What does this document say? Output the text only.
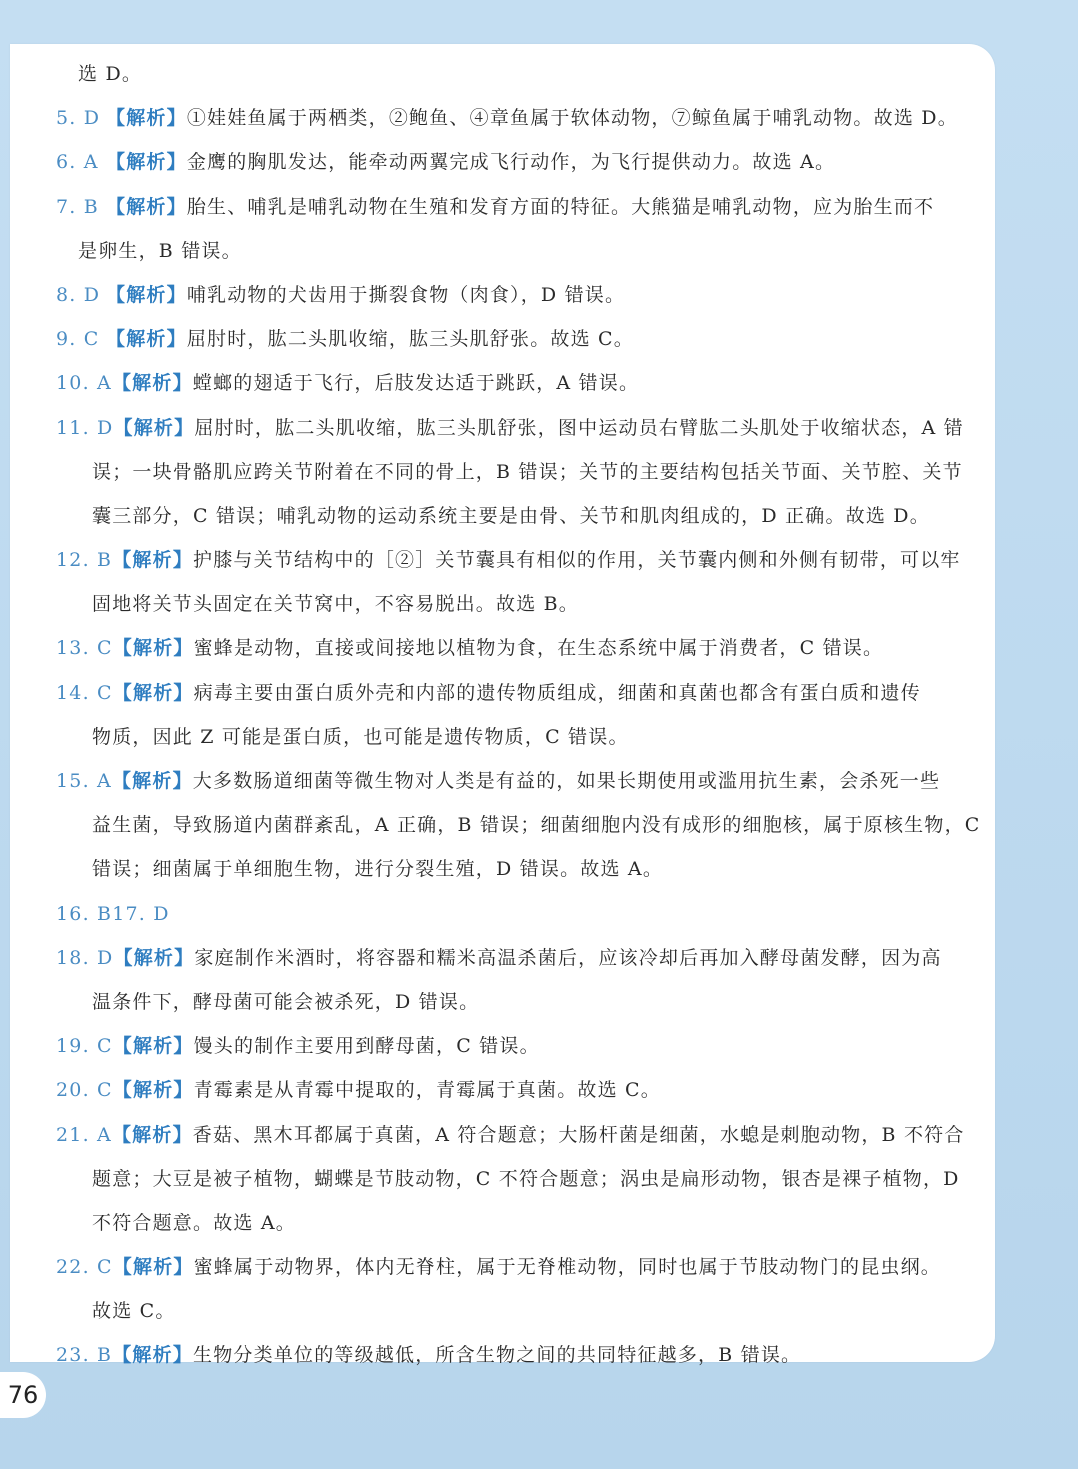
选 D。
5. D 【解析】①娃娃鱼属于两栖类，②鲍鱼、④章鱼属于软体动物，⑦鲸鱼属于哺乳动物。故选 D。
6. A 【解析】金鹰的胸肌发达，能牵动两翼完成飞行动作，为飞行提供动力。故选 A。
7. B 【解析】胎生、哺乳是哺乳动物在生殖和发育方面的特征。大熊猫是哺乳动物，应为胎生而不
是卵生，B 错误。
8. D 【解析】哺乳动物的犬齿用于撕裂食物（肉食），D 错误。
9. C 【解析】屈肘时，肱二头肌收缩，肱三头肌舒张。故选 C。
10. A【解析】螳螂的翅适于飞行，后肢发达适于跳跃，A 错误。
11. D【解析】屈肘时，肱二头肌收缩，肱三头肌舒张，图中运动员右臂肱二头肌处于收缩状态，A 错
误；一块骨骼肌应跨关节附着在不同的骨上，B 错误；关节的主要结构包括关节面、关节腔、关节
囊三部分，C 错误；哺乳动物的运动系统主要是由骨、关节和肌肉组成的，D 正确。故选 D。
12. B【解析】护膝与关节结构中的［②］关节囊具有相似的作用，关节囊内侧和外侧有韧带，可以牢
固地将关节头固定在关节窝中，不容易脱出。故选 B。
13. C【解析】蜜蜂是动物，直接或间接地以植物为食，在生态系统中属于消费者，C 错误。
14. C【解析】病毒主要由蛋白质外壳和内部的遗传物质组成，细菌和真菌也都含有蛋白质和遗传
物质，因此 Z 可能是蛋白质，也可能是遗传物质，C 错误。
15. A【解析】大多数肠道细菌等微生物对人类是有益的，如果长期使用或滥用抗生素，会杀死一些
益生菌，导致肠道内菌群紊乱，A 正确，B 错误；细菌细胞内没有成形的细胞核，属于原核生物，C
错误；细菌属于单细胞生物，进行分裂生殖，D 错误。故选 A。
16. B17. D
18. D【解析】家庭制作米酒时，将容器和糯米高温杀菌后，应该冷却后再加入酵母菌发酵，因为高
温条件下，酵母菌可能会被杀死，D 错误。
19. C【解析】馒头的制作主要用到酵母菌，C 错误。
20. C【解析】青霉素是从青霉中提取的，青霉属于真菌。故选 C。
21. A【解析】香菇、黑木耳都属于真菌，A 符合题意；大肠杆菌是细菌，水螅是刺胞动物，B 不符合
题意；大豆是被子植物，蝴蝶是节肢动物，C 不符合题意；涡虫是扁形动物，银杏是裸子植物，D
不符合题意。故选 A。
22. C【解析】蜜蜂属于动物界，体内无脊柱，属于无脊椎动物，同时也属于节肢动物门的昆虫纲。
故选 C。
23. B【解析】生物分类单位的等级越低，所含生物之间的共同特征越多，B 错误。
76
